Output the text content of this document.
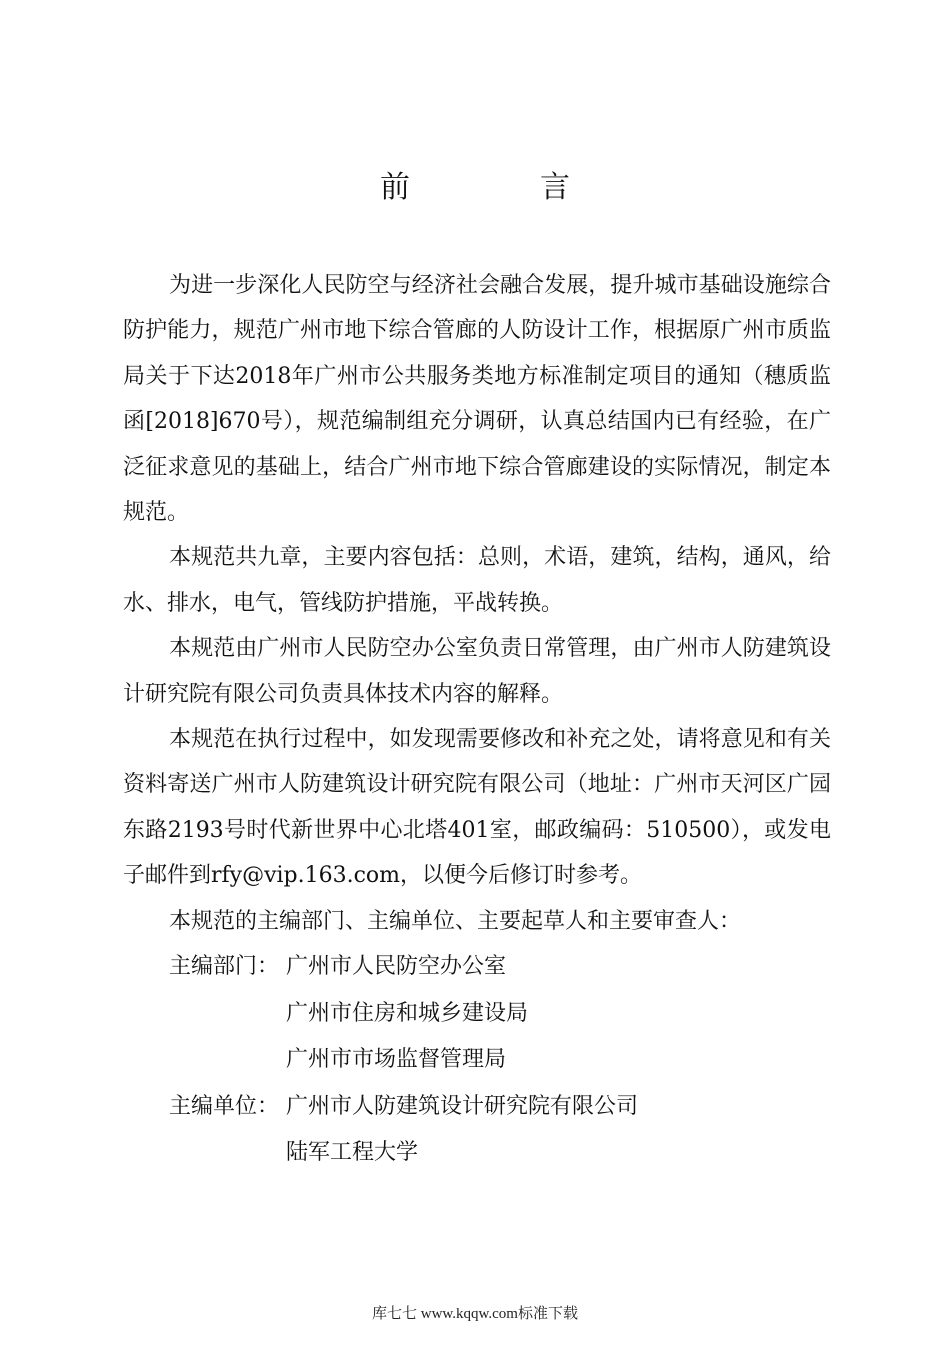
前　言

为进一步深化人民防空与经济社会融合发展，提升城市基础设施综合防护能力，规范广州市地下综合管廊的人防设计工作，根据原广州市质监局关于下达2018年广州市公共服务类地方标准制定项目的通知（穗质监函[2018]670号），规范编制组充分调研，认真总结国内已有经验，在广泛征求意见的基础上，结合广州市地下综合管廊建设的实际情况，制定本规范。

本规范共九章，主要内容包括：总则，术语，建筑，结构，通风，给水、排水，电气，管线防护措施，平战转换。

本规范由广州市人民防空办公室负责日常管理，由广州市人防建筑设计研究院有限公司负责具体技术内容的解释。

本规范在执行过程中，如发现需要修改和补充之处，请将意见和有关资料寄送广州市人防建筑设计研究院有限公司（地址：广州市天河区广园东路2193号时代新世界中心北塔401室，邮政编码：510500），或发电子邮件到rfy@vip.163.com，以便今后修订时参考。

本规范的主编部门、主编单位、主要起草人和主要审查人：

主编部门： 广州市人民防空办公室
广州市住房和城乡建设局
广州市市场监督管理局
主编单位： 广州市人防建筑设计研究院有限公司
陆军工程大学
库七七 www.kqqw.com标准下载
